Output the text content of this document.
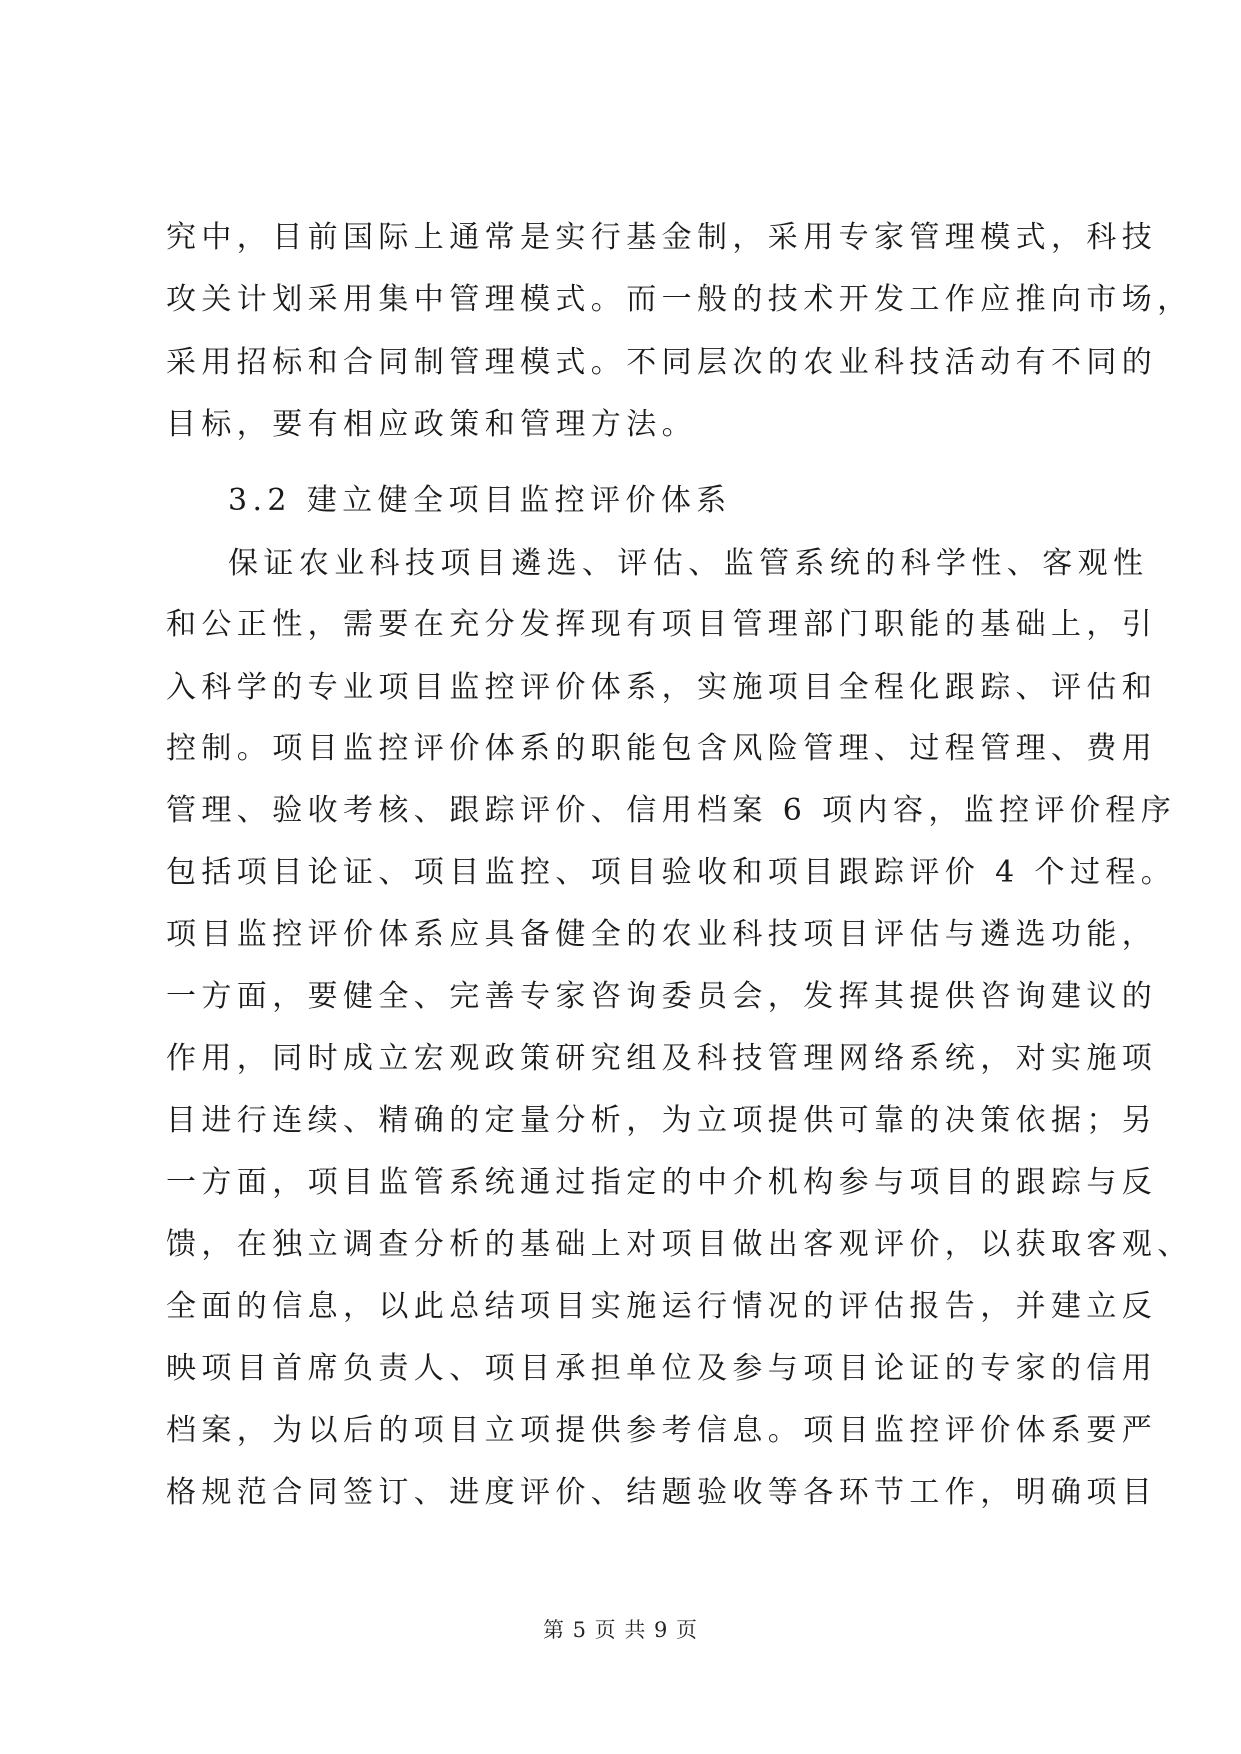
究中，目前国际上通常是实行基金制，采用专家管理模式，科技
攻关计划采用集中管理模式。而一般的技术开发工作应推向市场，
采用招标和合同制管理模式。不同层次的农业科技活动有不同的
目标，要有相应政策和管理方法。
3.2 建立健全项目监控评价体系
保证农业科技项目遴选、评估、监管系统的科学性、客观性
和公正性，需要在充分发挥现有项目管理部门职能的基础上，引
入科学的专业项目监控评价体系，实施项目全程化跟踪、评估和
控制。项目监控评价体系的职能包含风险管理、过程管理、费用
管理、验收考核、跟踪评价、信用档案 6 项内容，监控评价程序
包括项目论证、项目监控、项目验收和项目跟踪评价 4 个过程。
项目监控评价体系应具备健全的农业科技项目评估与遴选功能，
一方面，要健全、完善专家咨询委员会，发挥其提供咨询建议的
作用，同时成立宏观政策研究组及科技管理网络系统，对实施项
目进行连续、精确的定量分析，为立项提供可靠的决策依据；另
一方面，项目监管系统通过指定的中介机构参与项目的跟踪与反
馈，在独立调查分析的基础上对项目做出客观评价，以获取客观、
全面的信息，以此总结项目实施运行情况的评估报告，并建立反
映项目首席负责人、项目承担单位及参与项目论证的专家的信用
档案，为以后的项目立项提供参考信息。项目监控评价体系要严
格规范合同签订、进度评价、结题验收等各环节工作，明确项目
第 5 页 共 9 页
